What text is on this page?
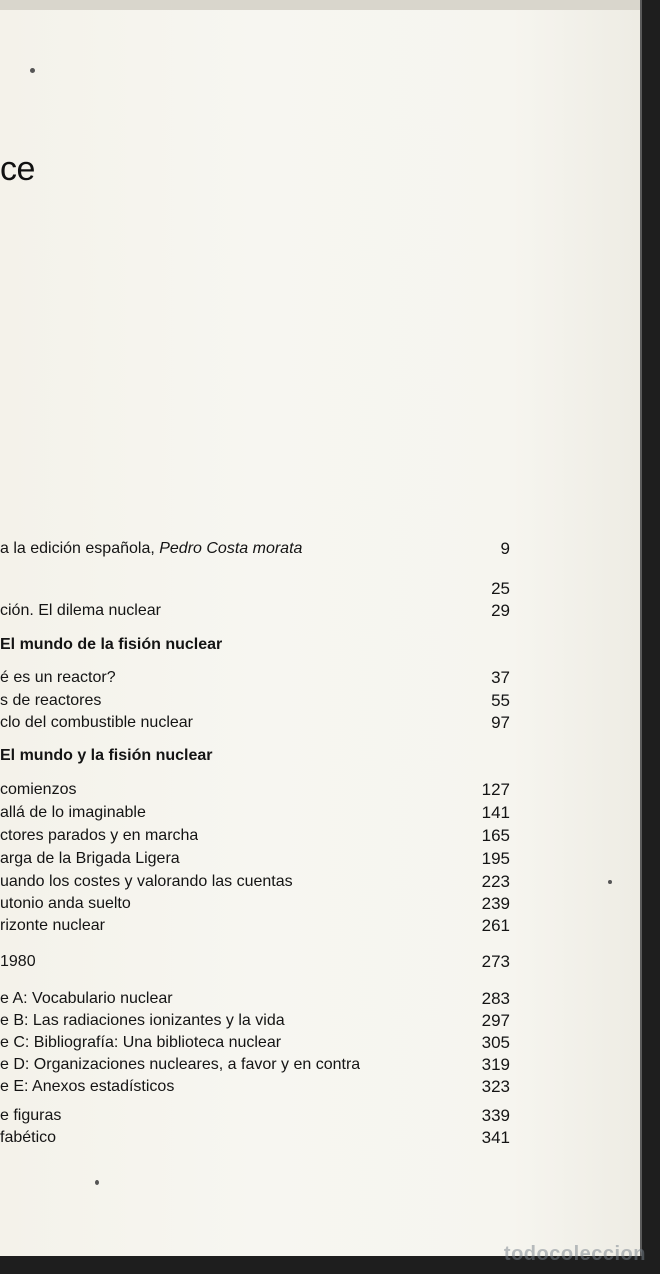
ce
a la edición española, Pedro Costa morata	9
25
ción. El dilema nuclear	29
El mundo de la fisión nuclear
é es un reactor?	37
s de reactores	55
clo del combustible nuclear	97
El mundo y la fisión nuclear
comienzos	127
allá de lo imaginable	141
ctores parados y en marcha	165
arga de la Brigada Ligera	195
uando los costes y valorando las cuentas	223
utonio anda suelto	239
rizonte nuclear	261
1980	273
e A: Vocabulario nuclear	283
e B: Las radiaciones ionizantes y la vida	297
e C: Bibliografía: Una biblioteca nuclear	305
e D: Organizaciones nucleares, a favor y en contra	319
e E: Anexos estadísticos	323
e figuras	339
fabético	341
todocoleccion
